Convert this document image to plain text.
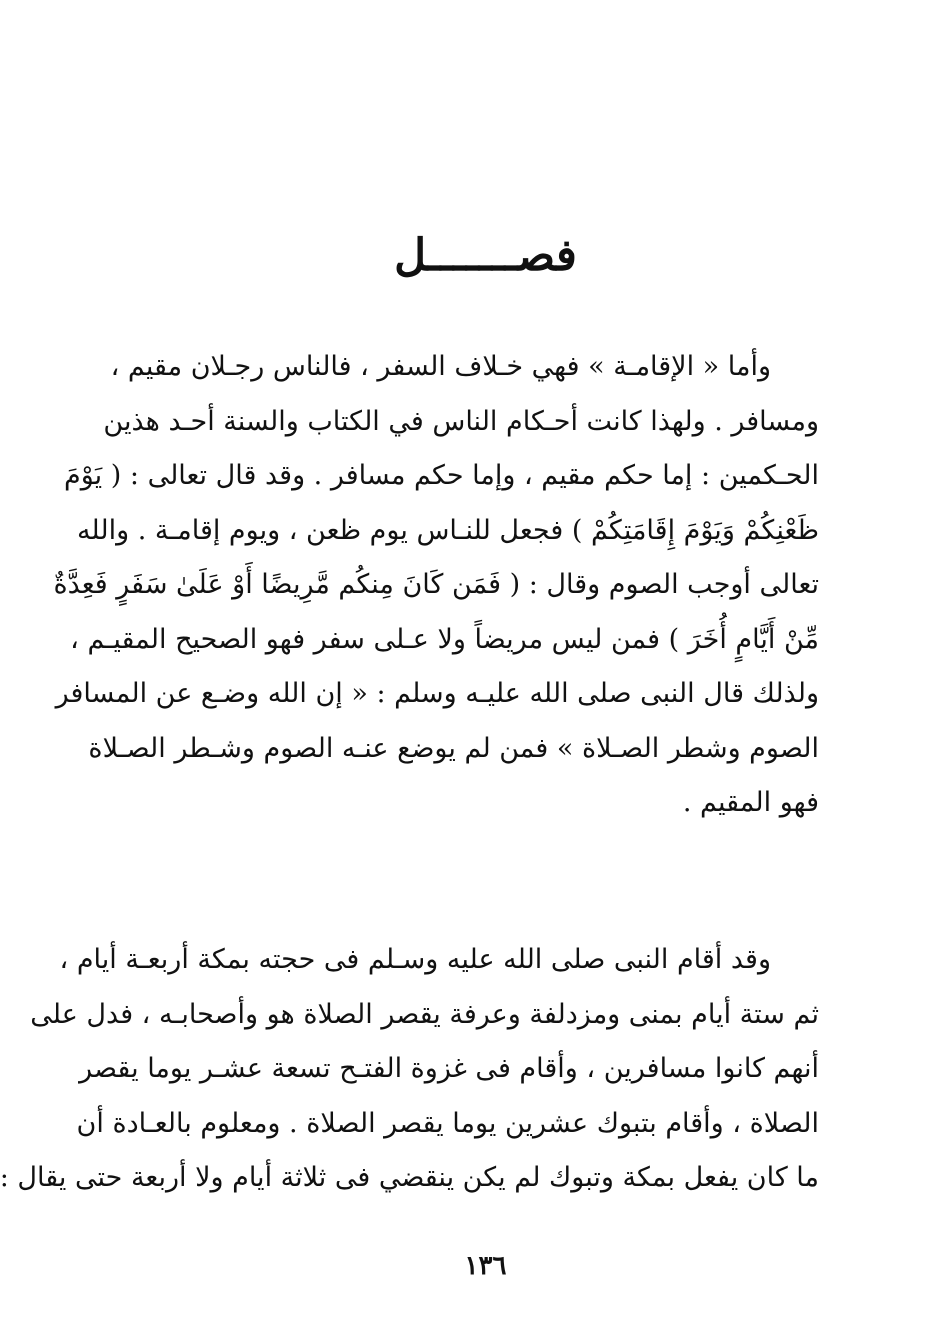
فصـــــــل
وأما « الإقامـة » فهي خـلاف السفر ، فالناس رجـلان مقيم ،
ومسافر . ولهذا كانت أحـكام الناس في الكتاب والسنة أحـد هذين
الحـكمين : إما حكم مقيم ، وإما حكم مسافر . وقد قال تعالى : ( يَوْمَ
ظَعْنِكُمْ وَيَوْمَ إِقَامَتِكُمْ ) فجعل للنـاس يوم ظعن ، ويوم إقامـة . والله
تعالى أوجب الصوم وقال : ( فَمَن كَانَ مِنكُم مَّرِيضًا أَوْ عَلَىٰ سَفَرٍ فَعِدَّةٌ
مِّنْ أَيَّامٍ أُخَرَ ) فمن ليس مريضاً ولا عـلى سفر فهو الصحيح المقيـم ،
ولذلك قال النبى صلى الله عليـه وسلم : « إن الله وضـع عن المسافر
الصوم وشطر الصـلاة » فمن لم يوضع عنـه الصوم وشـطر الصـلاة
فهو المقيم .
وقد أقام النبى صلى الله عليه وسـلم فى حجته بمكة أربعـة أيام ،
ثم ستة أيام بمنى ومزدلفة وعرفة يقصر الصلاة هو وأصحابـه ، فدل على
أنهم كانوا مسافرين ، وأقام فى غزوة الفتـح تسعة عشـر يوما يقصر
الصلاة ، وأقام بتبوك عشرين يوما يقصر الصلاة . ومعلوم بالعـادة أن
ما كان يفعل بمكة وتبوك لم يكن ينقضي فى ثلاثة أيام ولا أربعة حتى يقال :
١٣٦
